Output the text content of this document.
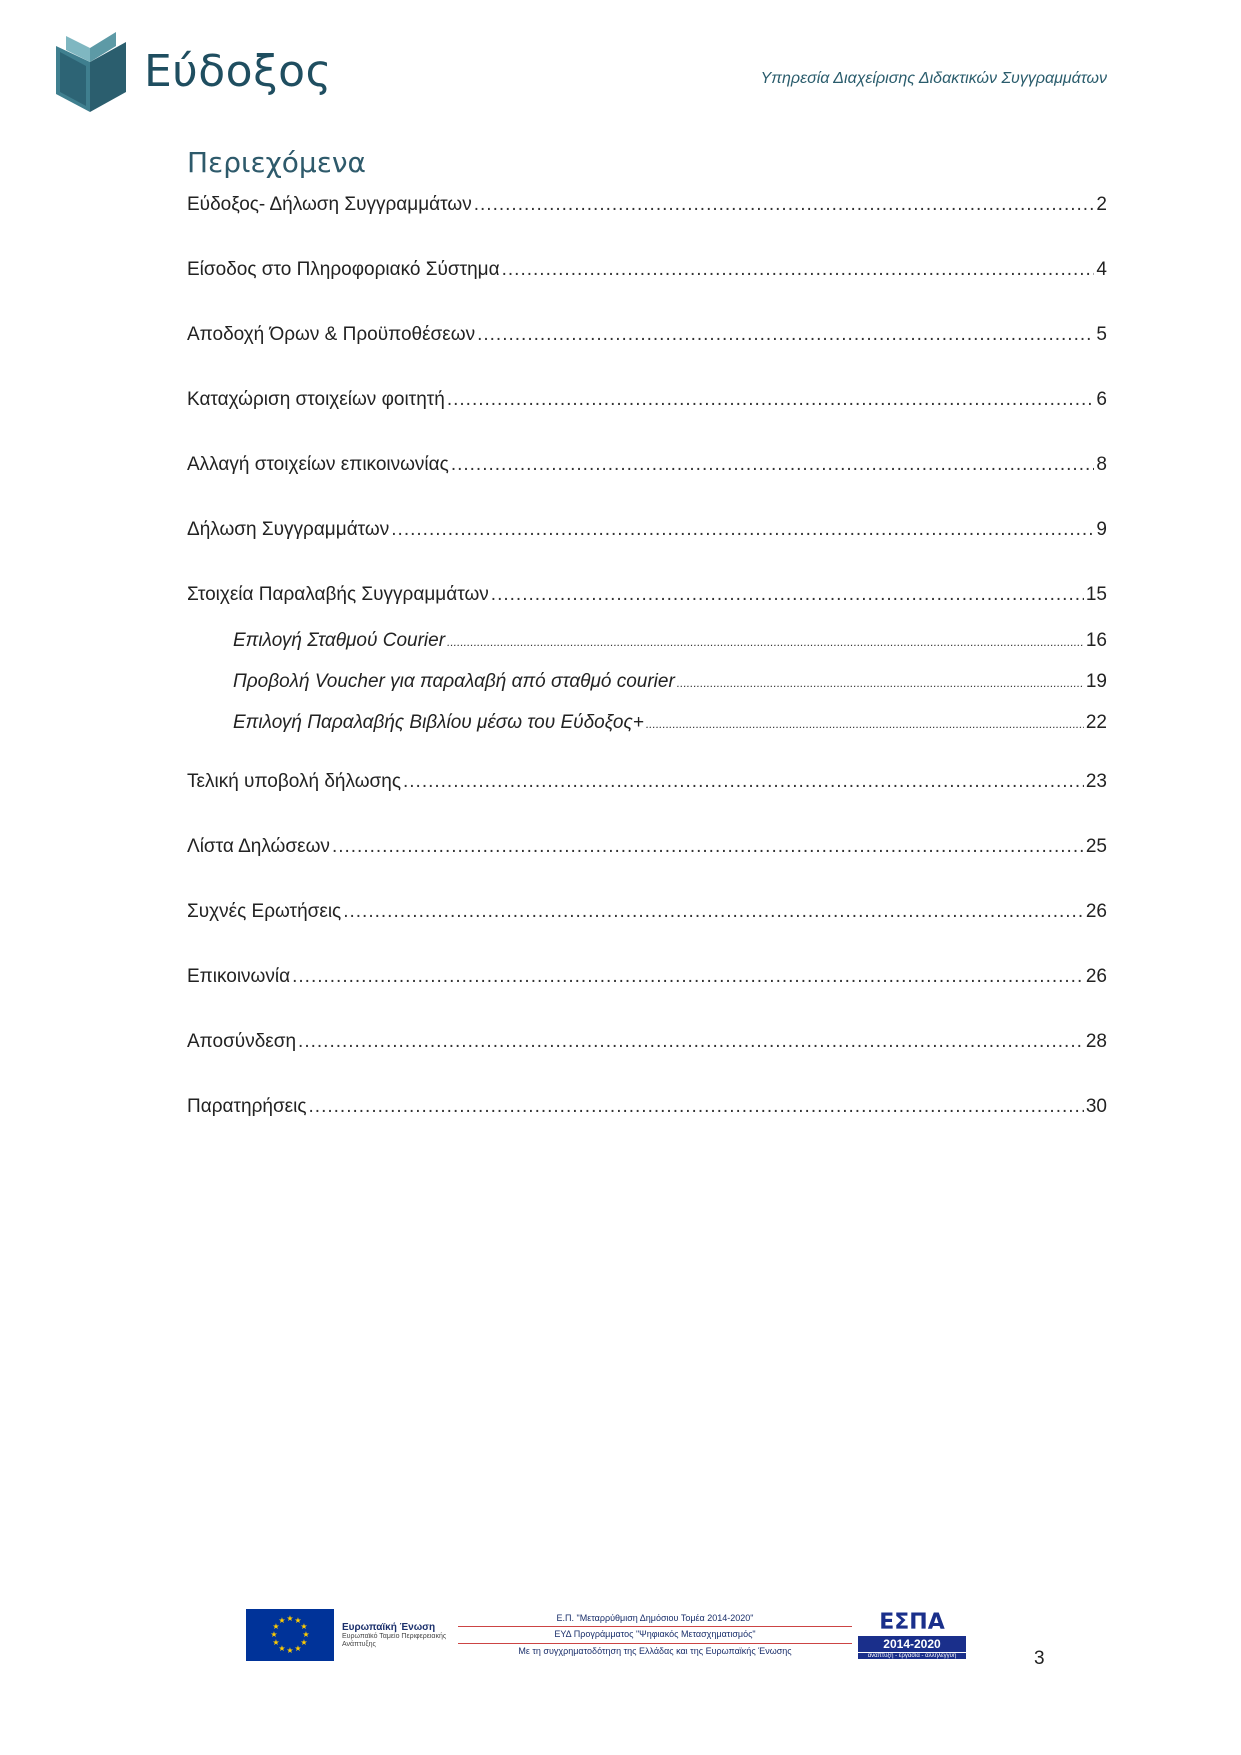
Εύδοξος	Υπηρεσία Διαχείρισης Διδακτικών Συγγραμμάτων
Περιεχόμενα
Εύδοξος- Δήλωση Συγγραμμάτων .....	2
Είσοδος στο Πληροφοριακό Σύστημα .....	4
Αποδοχή Όρων & Προϋποθέσεων .....	5
Καταχώριση στοιχείων φοιτητή .....	6
Αλλαγή στοιχείων επικοινωνίας .....	8
Δήλωση Συγγραμμάτων .....	9
Στοιχεία Παραλαβής Συγγραμμάτων .....	15
Επιλογή Σταθμού Courier .....	16
Προβολή Voucher για παραλαβή από σταθμό courier .....	19
Επιλογή Παραλαβής Βιβλίου μέσω του Εύδοξος+ .....	22
Τελική υποβολή δήλωσης .....	23
Λίστα Δηλώσεων .....	25
Συχνές Ερωτήσεις .....	26
Επικοινωνία .....	26
Αποσύνδεση .....	28
Παρατηρήσεις .....	30
★ ★
★
★
★
★
★
★
★
★
★
★
Ευρωπαϊκή Ένωση
Ευρωπαϊκό Ταμείο Περιφερειακής Ανάπτυξης
Ε.Π. "Μεταρρύθμιση Δημόσιου Τομέα 2014-2020"
ΕΥΔ Προγράμματος "Ψηφιακός Μετασχηματισμός"
Με τη συγχρηματοδότηση της Ελλάδας και της Ευρωπαϊκής Ένωσης
ΕΣΠΑ
2014-2020
ανάπτυξη - εργασία - αλληλεγγύη	3
